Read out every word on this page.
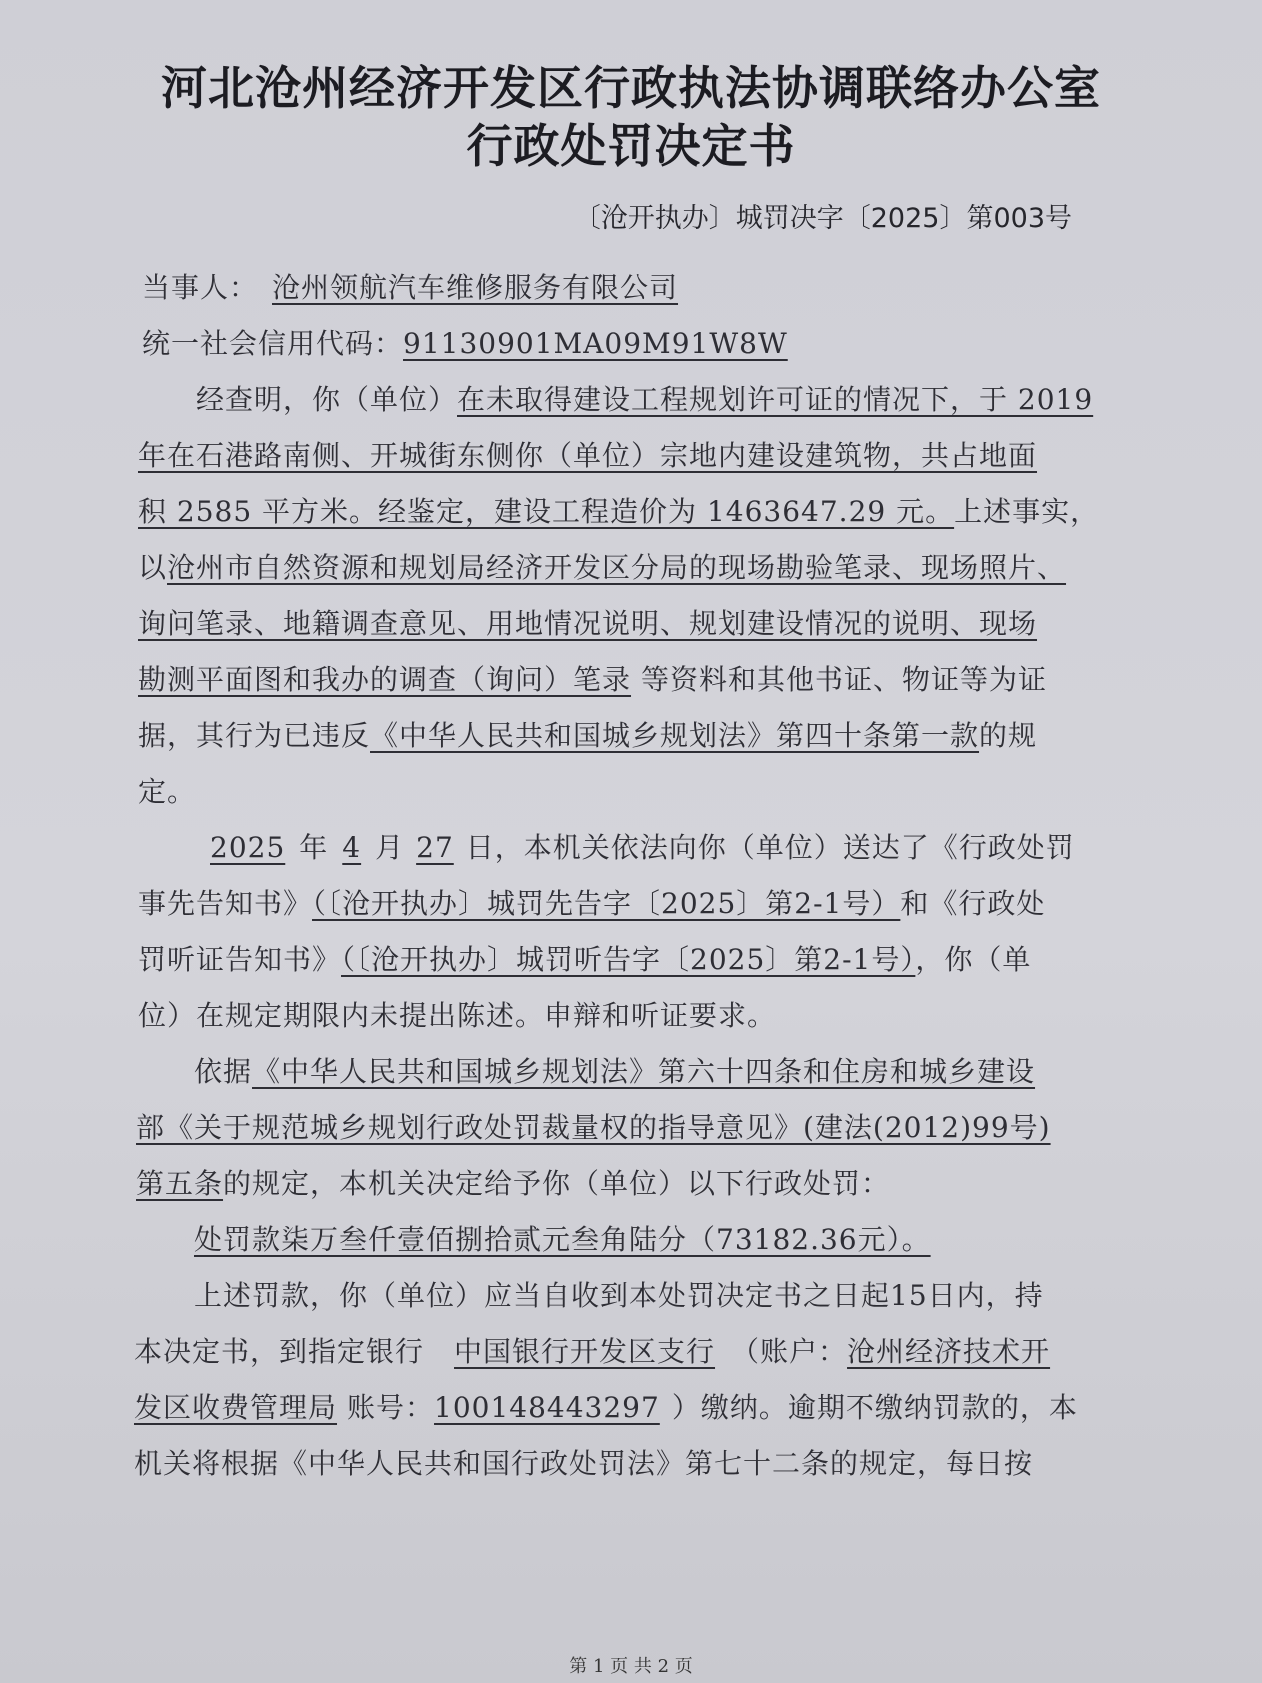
河北沧州经济开发区行政执法协调联络办公室
行政处罚决定书
〔沧开执办〕城罚决字〔2025〕第003号
当事人： 沧州领航汽车维修服务有限公司
统一社会信用代码：91130901MA09M91W8W
经查明，你（单位）在未取得建设工程规划许可证的情况下，于 2019
年在石港路南侧、开城街东侧你（单位）宗地内建设建筑物，共占地面
积 2585 平方米。经鉴定，建设工程造价为 1463647.29 元。上述事实，
以沧州市自然资源和规划局经济开发区分局的现场勘验笔录、现场照片、
询问笔录、地籍调查意见、用地情况说明、规划建设情况的说明、现场
勘测平面图和我办的调查（询问）笔录 等资料和其他书证、物证等为证
据，其行为已违反《中华人民共和国城乡规划法》第四十条第一款的规
定。
2025 年 4 月 27 日，本机关依法向你（单位）送达了《行政处罚
事先告知书》（〔沧开执办〕城罚先告字〔2025〕第2-1号）和《行政处
罚听证告知书》（〔沧开执办〕城罚听告字〔2025〕第2-1号），你（单
位）在规定期限内未提出陈述。申辩和听证要求。
依据《中华人民共和国城乡规划法》第六十四条和住房和城乡建设
部《关于规范城乡规划行政处罚裁量权的指导意见》(建法(2012)99号)
第五条的规定，本机关决定给予你（单位）以下行政处罚：
处罚款柒万叁仟壹佰捌拾贰元叁角陆分（73182.36元）。
上述罚款，你（单位）应当自收到本处罚决定书之日起15日内，持
本决定书，到指定银行 中国银行开发区支行 （账户：沧州经济技术开
发区收费管理局 账号：100148443297 ）缴纳。逾期不缴纳罚款的，本
机关将根据《中华人民共和国行政处罚法》第七十二条的规定，每日按
第 1 页 共 2 页
